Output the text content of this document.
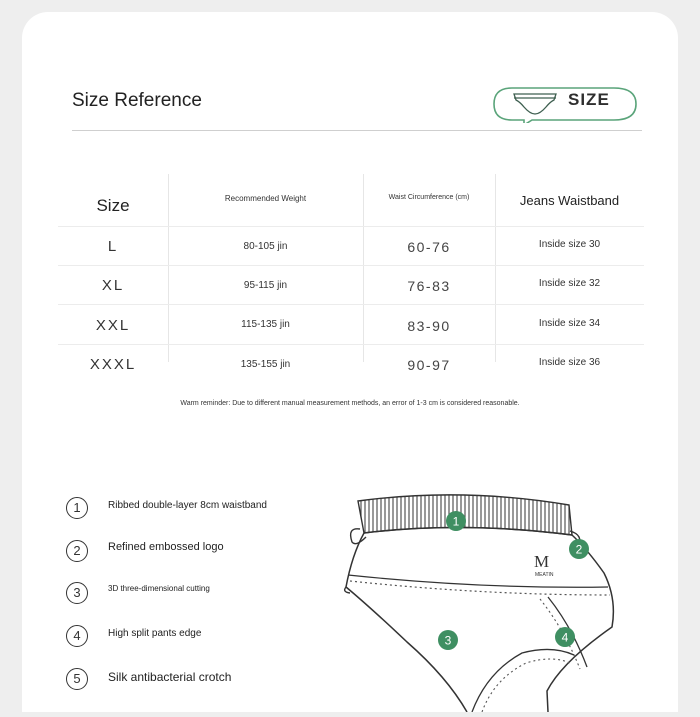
Size Reference	SIZE
Size	Recommended Weight	Waist Circumference (cm)	Jeans Waistband
L	80-105 jin	60-76	Inside size 30
XL	95-115 jin	76-83	Inside size 32
XXL	115-135 jin	83-90	Inside size 34
XXXL	135-155 jin	90-97	Inside size 36
Warm reminder: Due to different manual measurement methods, an error of 1-3 cm is considered reasonable.
1	Ribbed double-layer 8cm waistband
2	Refined embossed logo
3	3D three-dimensional cutting
4	High split pants edge
5	Silk antibacterial crotch
M
MEATIN
1
2
3	4
